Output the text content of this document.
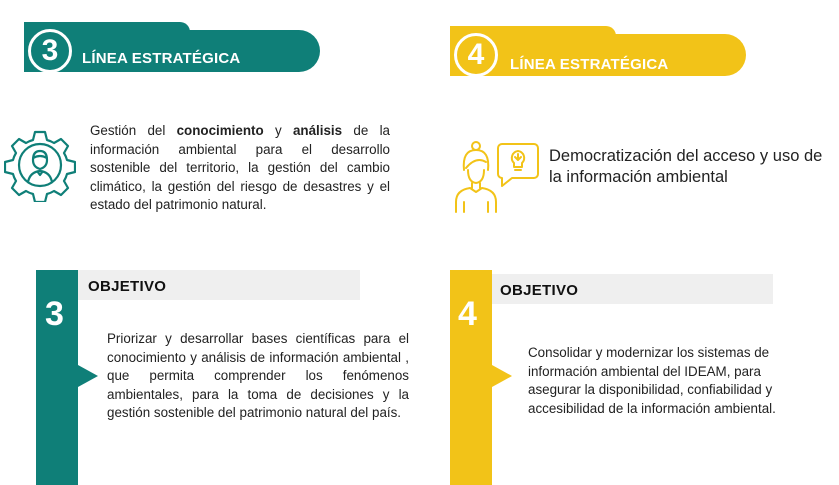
3	LÍNEA ESTRATÉGICA	4	LÍNEA ESTRATÉGICA
Gestión del conocimiento y análisis de la información ambiental para el desarrollo sostenible del territorio, la gestión del cambio climático, la gestión del riesgo de desastres y el estado del patrimonio natural.
Democratización del acceso y uso de la información ambiental
3
OBJETIVO
Priorizar y desarrollar bases científicas para el conocimiento y análisis de información ambiental , que permita comprender los fenómenos ambientales, para la toma de decisiones y la gestión sostenible del patrimonio natural del país.
4
OBJETIVO
Consolidar y modernizar los sistemas de información ambiental del IDEAM, para asegurar la disponibilidad, confiabilidad y accesibilidad de la información ambiental.
